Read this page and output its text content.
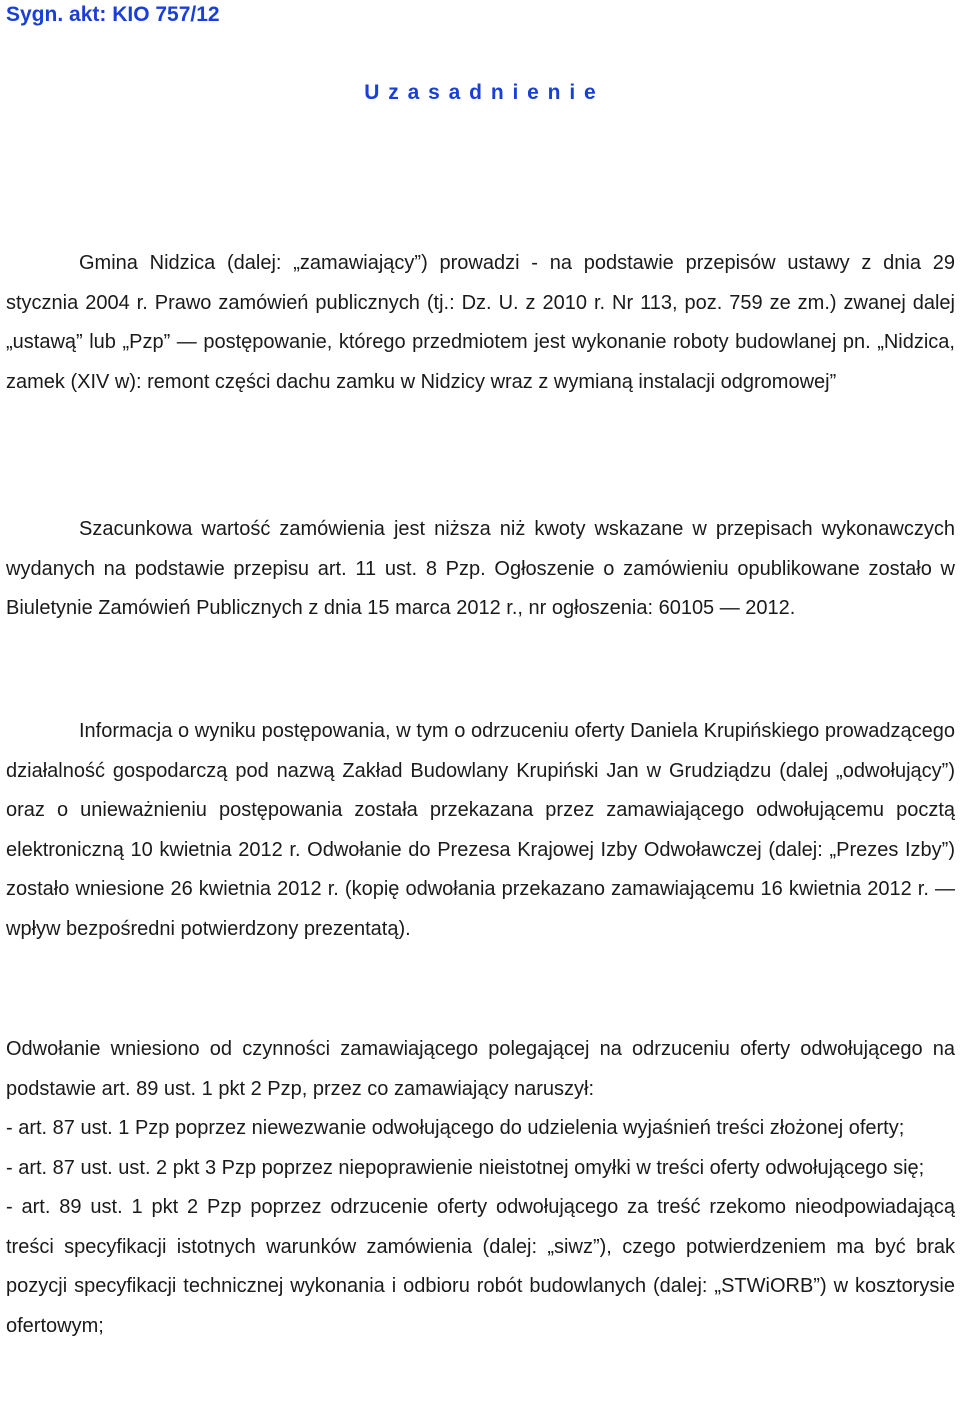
Sygn. akt: KIO 757/12
U z a s a d n i e n i e

Gmina Nidzica (dalej: „zamawiający”) prowadzi - na podstawie przepisów ustawy z dnia 29 stycznia 2004 r. Prawo zamówień publicznych (tj.: Dz. U. z 2010 r. Nr 113, poz. 759 ze zm.) zwanej dalej „ustawą” lub „Pzp” — postępowanie, którego przedmiotem jest wykonanie roboty budowlanej pn. „Nidzica, zamek (XIV w): remont części dachu zamku w Nidzicy wraz z wymianą instalacji odgromowej”

Szacunkowa wartość zamówienia jest niższa niż kwoty wskazane w przepisach wykonawczych wydanych na podstawie przepisu art. 11 ust. 8 Pzp. Ogłoszenie o zamówieniu opublikowane zostało w Biuletynie Zamówień Publicznych z dnia 15 marca 2012 r., nr ogłoszenia: 60105 — 2012.

Informacja o wyniku postępowania, w tym o odrzuceniu oferty Daniela Krupińskiego prowadzącego działalność gospodarczą pod nazwą Zakład Budowlany Krupiński Jan w Grudziądzu (dalej „odwołujący”) oraz o unieważnieniu postępowania została przekazana przez zamawiającego odwołującemu pocztą elektroniczną 10 kwietnia 2012 r. Odwołanie do Prezesa Krajowej Izby Odwoławczej (dalej: „Prezes Izby”) zostało wniesione 26 kwietnia 2012 r. (kopię odwołania przekazano zamawiającemu 16 kwietnia 2012 r. — wpływ bezpośredni potwierdzony prezentatą).

Odwołanie wniesiono od czynności zamawiającego polegającej na odrzuceniu oferty odwołującego na podstawie art. 89 ust. 1 pkt 2 Pzp, przez co zamawiający naruszył:
- art. 87 ust. 1 Pzp poprzez niewezwanie odwołującego do udzielenia wyjaśnień treści złożonej oferty;
- art. 87 ust. ust. 2 pkt 3 Pzp poprzez niepoprawienie nieistotnej omyłki w treści oferty odwołującego się;
- art. 89 ust. 1 pkt 2 Pzp poprzez odrzucenie oferty odwołującego za treść rzekomo nieodpowiadającą treści specyfikacji istotnych warunków zamówienia (dalej: „siwz”), czego potwierdzeniem ma być brak pozycji specyfikacji technicznej wykonania i odbioru robót budowlanych (dalej: „STWiORB”) w kosztorysie ofertowym;
